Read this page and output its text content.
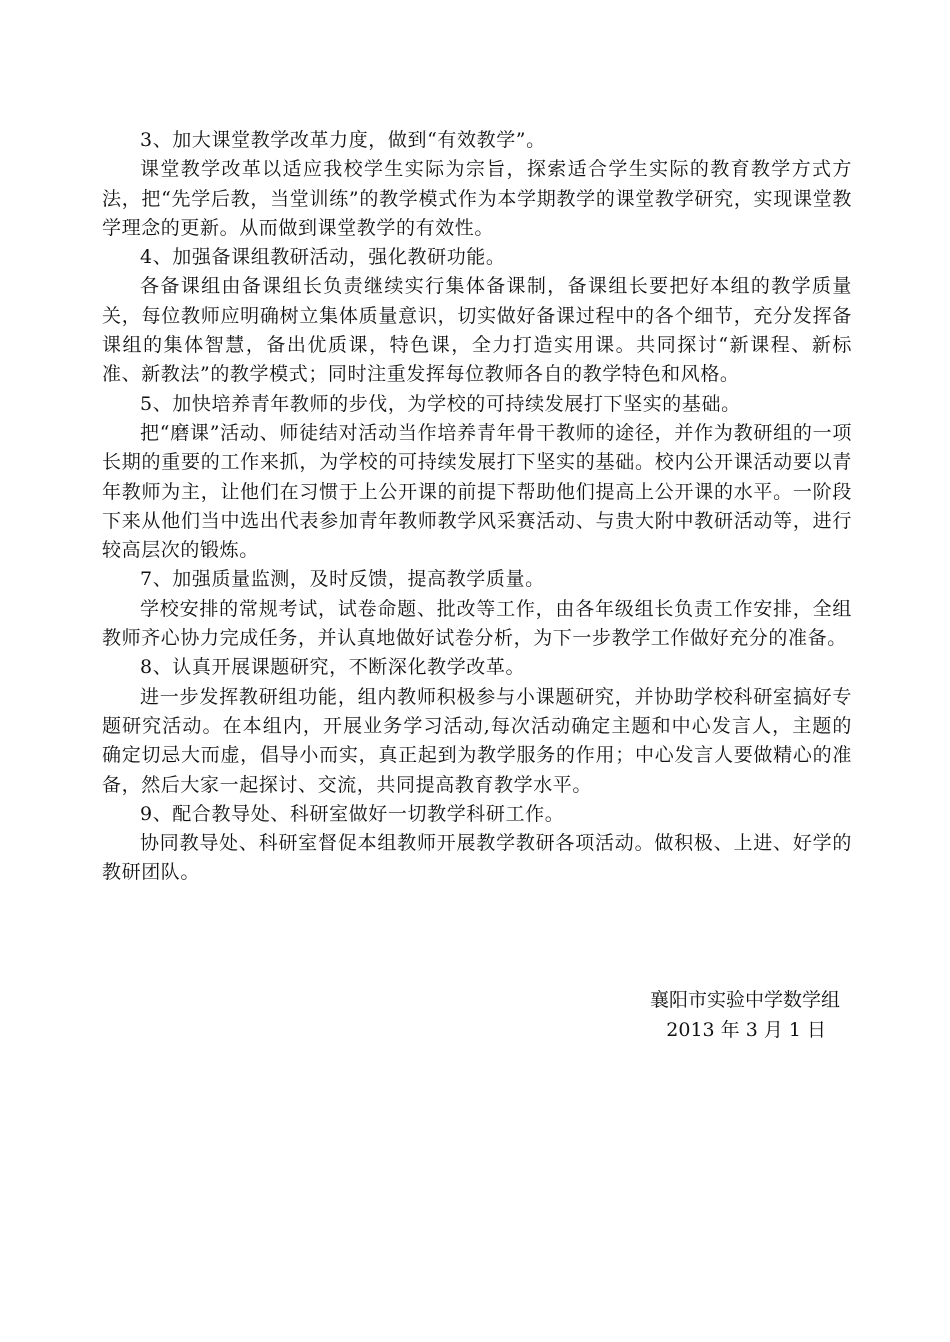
3、加大课堂教学改革力度，做到“有效教学”。

课堂教学改革以适应我校学生实际为宗旨，探索适合学生实际的教育教学方式方法，把“先学后教，当堂训练”的教学模式作为本学期教学的课堂教学研究，实现课堂教学理念的更新。从而做到课堂教学的有效性。

4、加强备课组教研活动，强化教研功能。

各备课组由备课组长负责继续实行集体备课制，备课组长要把好本组的教学质量关，每位教师应明确树立集体质量意识，切实做好备课过程中的各个细节，充分发挥备课组的集体智慧，备出优质课，特色课，全力打造实用课。共同探讨“新课程、新标准、新教法”的教学模式；同时注重发挥每位教师各自的教学特色和风格。

5、加快培养青年教师的步伐，为学校的可持续发展打下坚实的基础。

把“磨课”活动、师徒结对活动当作培养青年骨干教师的途径，并作为教研组的一项长期的重要的工作来抓，为学校的可持续发展打下坚实的基础。校内公开课活动要以青年教师为主，让他们在习惯于上公开课的前提下帮助他们提高上公开课的水平。一阶段下来从他们当中选出代表参加青年教师教学风采赛活动、与贵大附中教研活动等，进行较高层次的锻炼。

7、加强质量监测，及时反馈，提高教学质量。

学校安排的常规考试，试卷命题、批改等工作，由各年级组长负责工作安排，全组教师齐心协力完成任务，并认真地做好试卷分析，为下一步教学工作做好充分的准备。

8、认真开展课题研究，不断深化教学改革。

进一步发挥教研组功能，组内教师积极参与小课题研究，并协助学校科研室搞好专题研究活动。在本组内，开展业务学习活动,每次活动确定主题和中心发言人，主题的确定切忌大而虚，倡导小而实，真正起到为教学服务的作用；中心发言人要做精心的准备，然后大家一起探讨、交流，共同提高教育教学水平。

9、配合教导处、科研室做好一切教学科研工作。

协同教导处、科研室督促本组教师开展教学教研各项活动。做积极、上进、好学的教研团队。

襄阳市实验中学数学组
2013 年 3 月 1 日
